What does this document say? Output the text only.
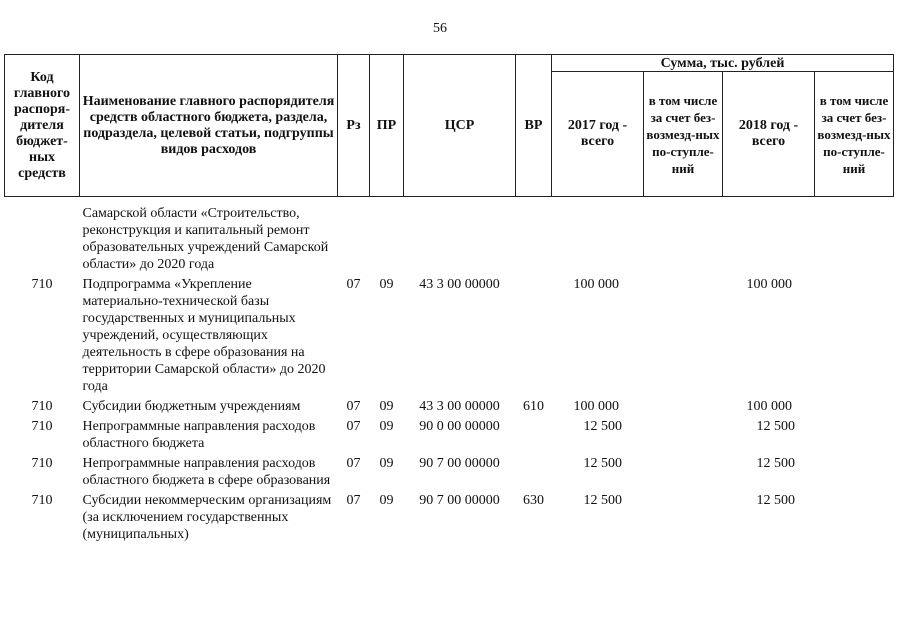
56
Код главного распоря-дителя бюджет-ных средств	Наименование главного распорядителя средств областного бюджета, раздела, подраздела, целевой статьи, подгруппы видов расходов	Рз	ПР	ЦСР	ВР	Сумма, тыс. рублей			
						2017 год - всего	в том числе за счет без-возмезд-ных по-ступле-ний	2018 год - всего	в том числе за счет без-возмезд-ных по-ступле-ний

	Самарской области «Строительство, реконструкция и капитальный ремонт образовательных учреждений Самарской области» до 2020 года								
710	Подпрограмма «Укрепление материально-технической базы государственных и муниципальных учреждений, осуществляющих деятельность в сфере образования на территории Самарской области» до 2020 года	07	09	43 3 00 00000		100 000		100 000	
710	Субсидии бюджетным учреждениям	07	09	43 3 00 00000	610	100 000		100 000	
710	Непрограммные направления расходов областного бюджета	07	09	90 0 00 00000		12 500		12 500	
710	Непрограммные направления расходов областного бюджета в сфере образования	07	09	90 7 00 00000		12 500		12 500	
710	Субсидии некоммерческим организациям (за исключением государственных (муниципальных)	07	09	90 7 00 00000	630	12 500		12 500	
